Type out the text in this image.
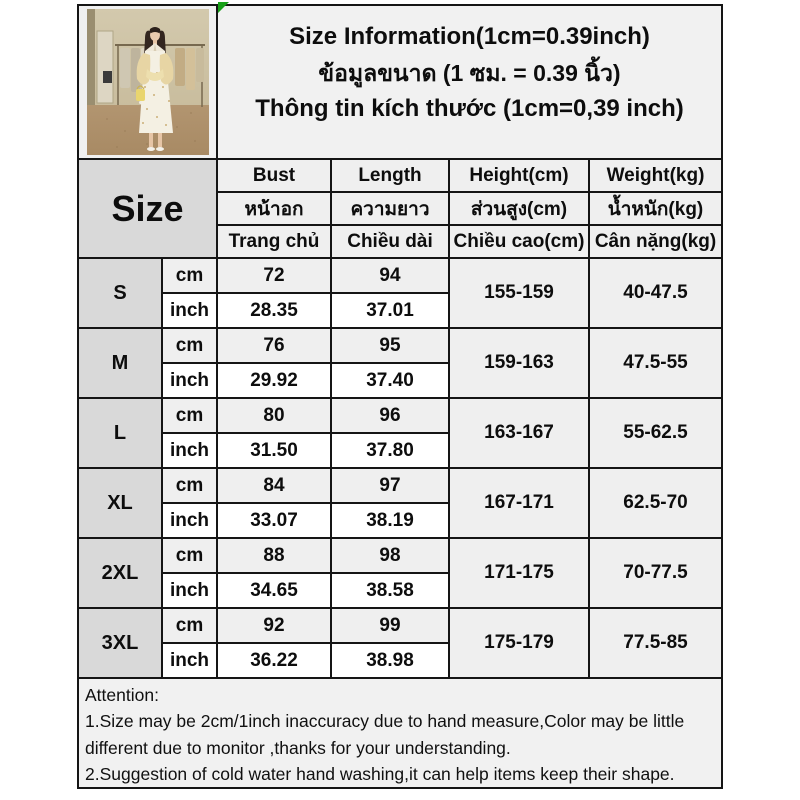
Size Information(1cm=0.39inch)
ข้อมูลขนาด (1 ซม. = 0.39 นิ้ว)
Thông tin kích thước (1cm=0,39 inch)			

Size		Bust	Length	Height(cm)	Weight(kg)
		หน้าอก	ความยาว	ส่วนสูง(cm)	น้ำหนัก(kg)
		Trang chủ	Chiều dài	Chiều cao(cm)	Cân nặng(kg)
S	cm	72	94	155-159	40-47.5
	inch	28.35	37.01		
M	cm	76	95	159-163	47.5-55
	inch	29.92	37.40		
L	cm	80	96	163-167	55-62.5
	inch	31.50	37.80		
XL	cm	84	97	167-171	62.5-70
	inch	33.07	38.19		
2XL	cm	88	98	171-175	70-77.5
	inch	34.65	38.58		
3XL	cm	92	99	175-179	77.5-85
	inch	36.22	38.98		

Attention:
1.Size may be 2cm/1inch inaccuracy due to hand measure,Color may be little
different due to monitor ,thanks for your understanding.
2.Suggestion of cold water hand washing,it can help items keep their shape.					
